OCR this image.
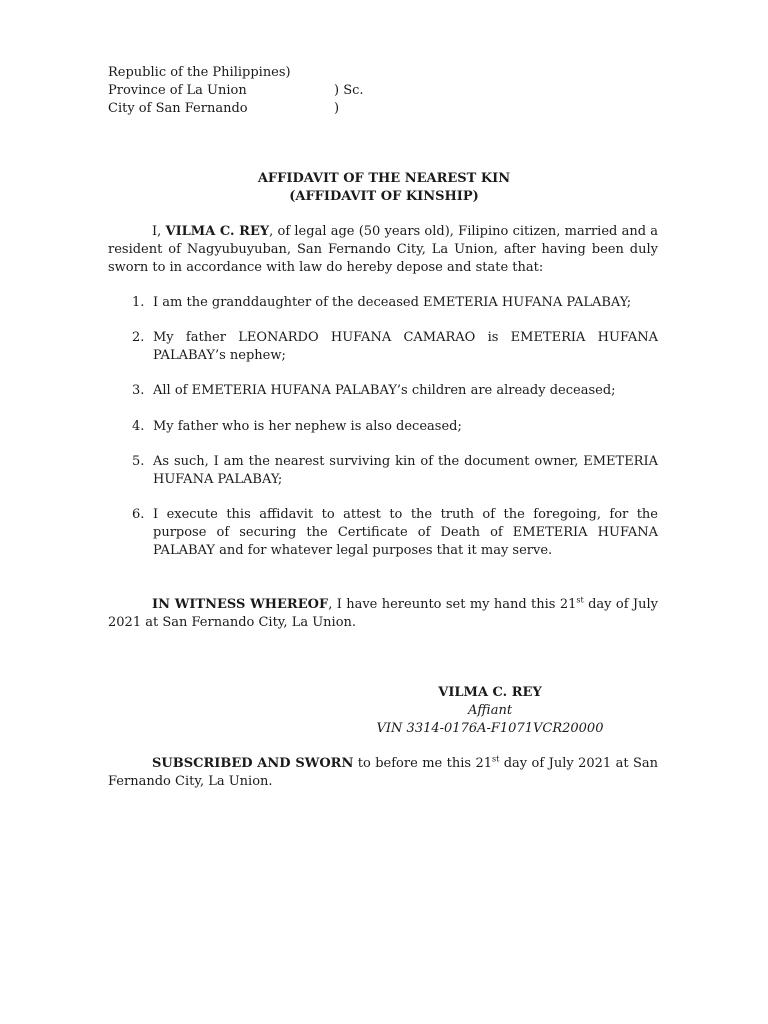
Republic of the Philippines)
Province of La Union	) Sc.
City of San Fernando	)
AFFIDAVIT OF THE NEAREST KIN
(AFFIDAVIT OF KINSHIP)
I, VILMA C. REY, of legal age (50 years old), Filipino citizen, married and a resident of Nagyubuyuban, San Fernando City, La Union, after having been duly sworn to in accordance with law do hereby depose and state that:
1. I am the granddaughter of the deceased EMETERIA HUFANA PALABAY;
2. My father LEONARDO HUFANA CAMARAO is EMETERIA HUFANA PALABAY’s nephew;
3. All of EMETERIA HUFANA PALABAY’s children are already deceased;
4. My father who is her nephew is also deceased;
5. As such, I am the nearest surviving kin of the document owner, EMETERIA HUFANA PALABAY;
6. I execute this affidavit to attest to the truth of the foregoing, for the purpose of securing the Certificate of Death of EMETERIA HUFANA PALABAY and for whatever legal purposes that it may serve.
IN WITNESS WHEREOF, I have hereunto set my hand this 21st day of July 2021 at San Fernando City, La Union.
VILMA C. REY
Affiant
VIN 3314-0176A-F1071VCR20000
SUBSCRIBED AND SWORN to before me this 21st day of July 2021 at San Fernando City, La Union.
